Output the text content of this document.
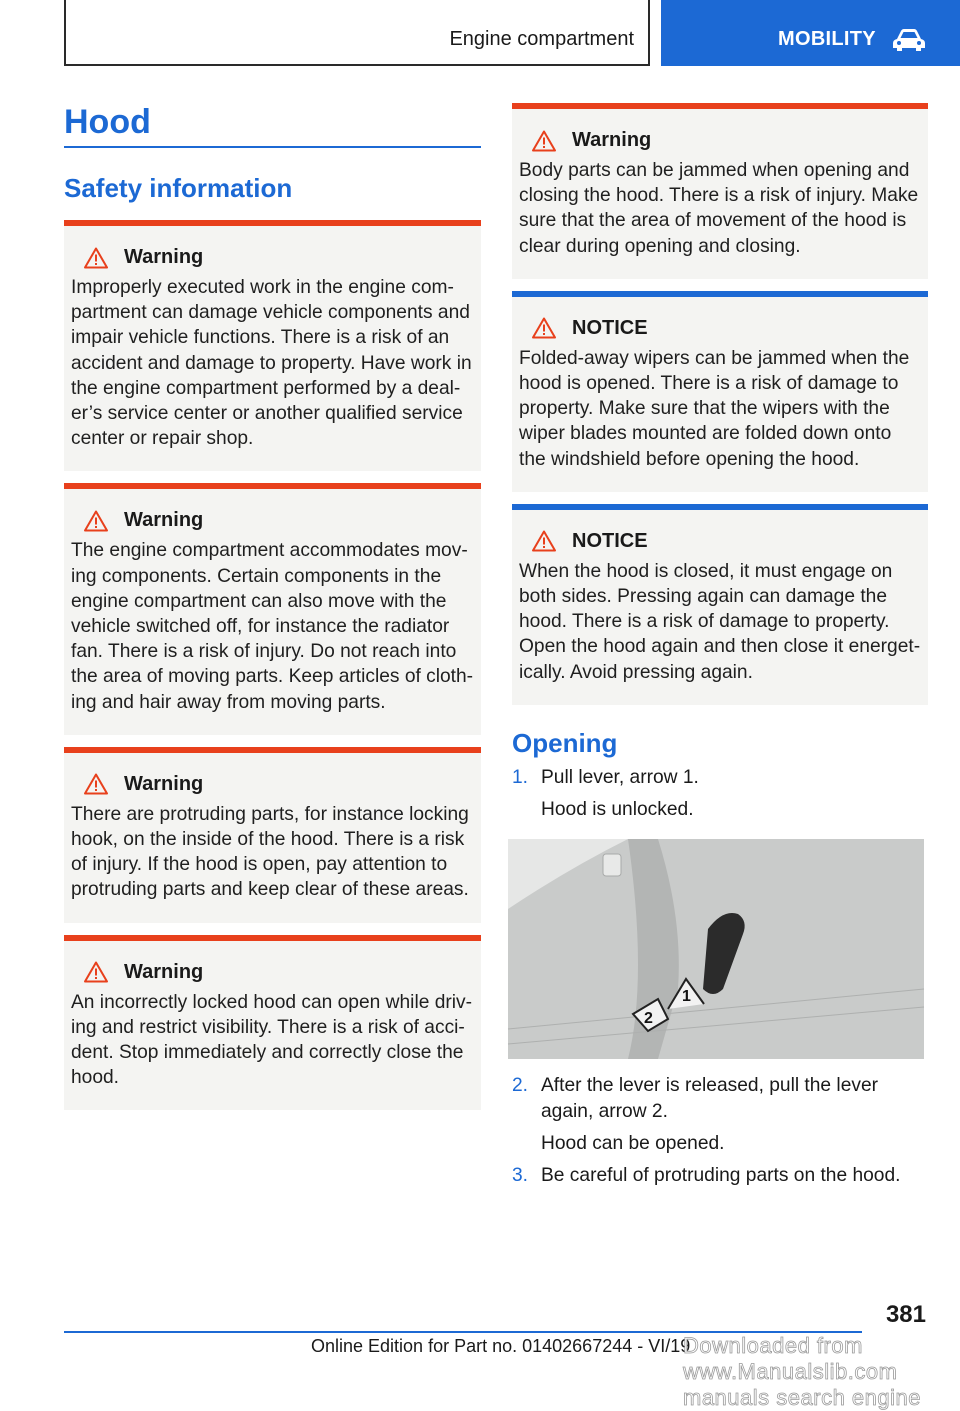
Engine compartment	MOBILITY
Hood
Safety information
Warning
Improperly executed work in the engine com-partment can damage vehicle components and impair vehicle functions. There is a risk of an accident and damage to property. Have work in the engine compartment performed by a deal-er’s service center or another qualified service center or repair shop.
Warning
The engine compartment accommodates mov-ing components. Certain components in the engine compartment can also move with the vehicle switched off, for instance the radiator fan. There is a risk of injury. Do not reach into the area of moving parts. Keep articles of cloth-ing and hair away from moving parts.
Warning
There are protruding parts, for instance locking hook, on the inside of the hood. There is a risk of injury. If the hood is open, pay attention to protruding parts and keep clear of these areas.
Warning
An incorrectly locked hood can open while driv-ing and restrict visibility. There is a risk of acci-dent. Stop immediately and correctly close the hood.
Warning
Body parts can be jammed when opening and closing the hood. There is a risk of injury. Make sure that the area of movement of the hood is clear during opening and closing.
NOTICE
Folded-away wipers can be jammed when the hood is opened. There is a risk of damage to property. Make sure that the wipers with the wiper blades mounted are folded down onto the windshield before opening the hood.
NOTICE
When the hood is closed, it must engage on both sides. Pressing again can damage the hood. There is a risk of damage to property. Open the hood again and then close it energet-ically. Avoid pressing again.
Opening
1. Pull lever, arrow 1.
Hood is unlocked.
1
2
2. After the lever is released, pull the lever again, arrow 2.
Hood can be opened.
3. Be careful of protruding parts on the hood.
381
Online Edition for Part no. 01402667244 - VI/19
Downloaded from www.Manualslib.com manuals search engine
